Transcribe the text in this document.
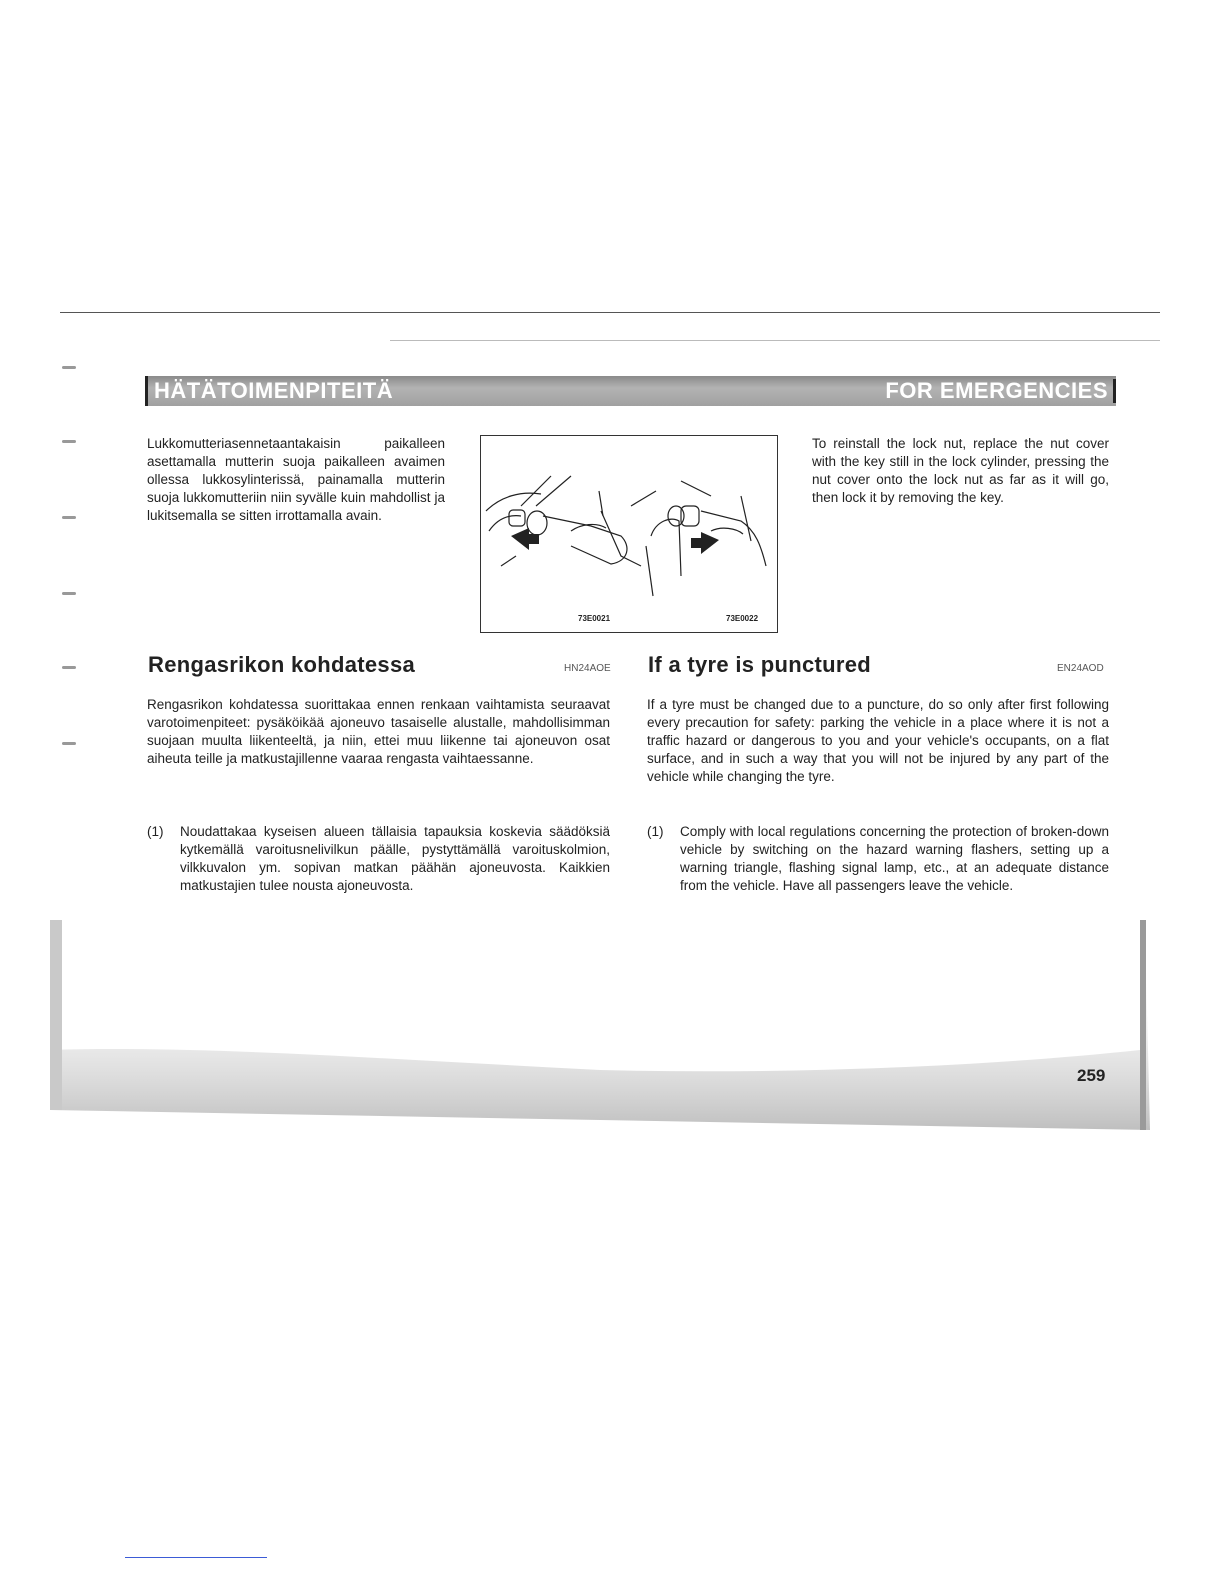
HÄTÄTOIMENPITEITÄ	FOR EMERGENCIES
Lukkomutteriasennetaantakaisin paikalleen asettamalla mutterin suoja paikalleen avaimen ollessa lukkosylinterissä, painamalla mutterin suoja lukkomutteriin niin syvälle kuin mahdollist ja lukitsemalla se sitten irrottamalla avain.
To reinstall the lock nut, replace the nut cover with the key still in the lock cylinder, pressing the nut cover onto the lock nut as far as it will go, then lock it by removing the key.
73E0021	73E0022
Rengasrikon kohdatessa	HN24AOE If a tyre is punctured	EN24AOD
Rengasrikon kohdatessa suorittakaa ennen renkaan vaihtamista seuraavat varotoimenpiteet: pysäköikää ajoneuvo tasaiselle alustalle, mahdollisimman suojaan muulta liikenteeltä, ja niin, ettei muu liikenne tai ajoneuvon osat aiheuta teille ja matkustajillenne vaaraa rengasta vaihtaessanne.
If a tyre must be changed due to a puncture, do so only after first following every precaution for safety: parking the vehicle in a place where it is not a traffic hazard or dangerous to you and your vehicle's occupants, on a flat surface, and in such a way that you will not be injured by any part of the vehicle while changing the tyre.
(1)	Noudattakaa kyseisen alueen tällaisia tapauksia koskevia säädöksiä kytkemällä varoitusnelivilkun päälle, pystyttämällä varoituskolmion, vilkkuvalon ym. sopivan matkan päähän ajoneuvosta. Kaikkien matkustajien tulee nousta ajoneuvosta.
(1)	Comply with local regulations concerning the protection of broken-down vehicle by switching on the hazard warning flashers, setting up a warning triangle, flashing signal lamp, etc., at an adequate distance from the vehicle. Have all passengers leave the vehicle.
259
